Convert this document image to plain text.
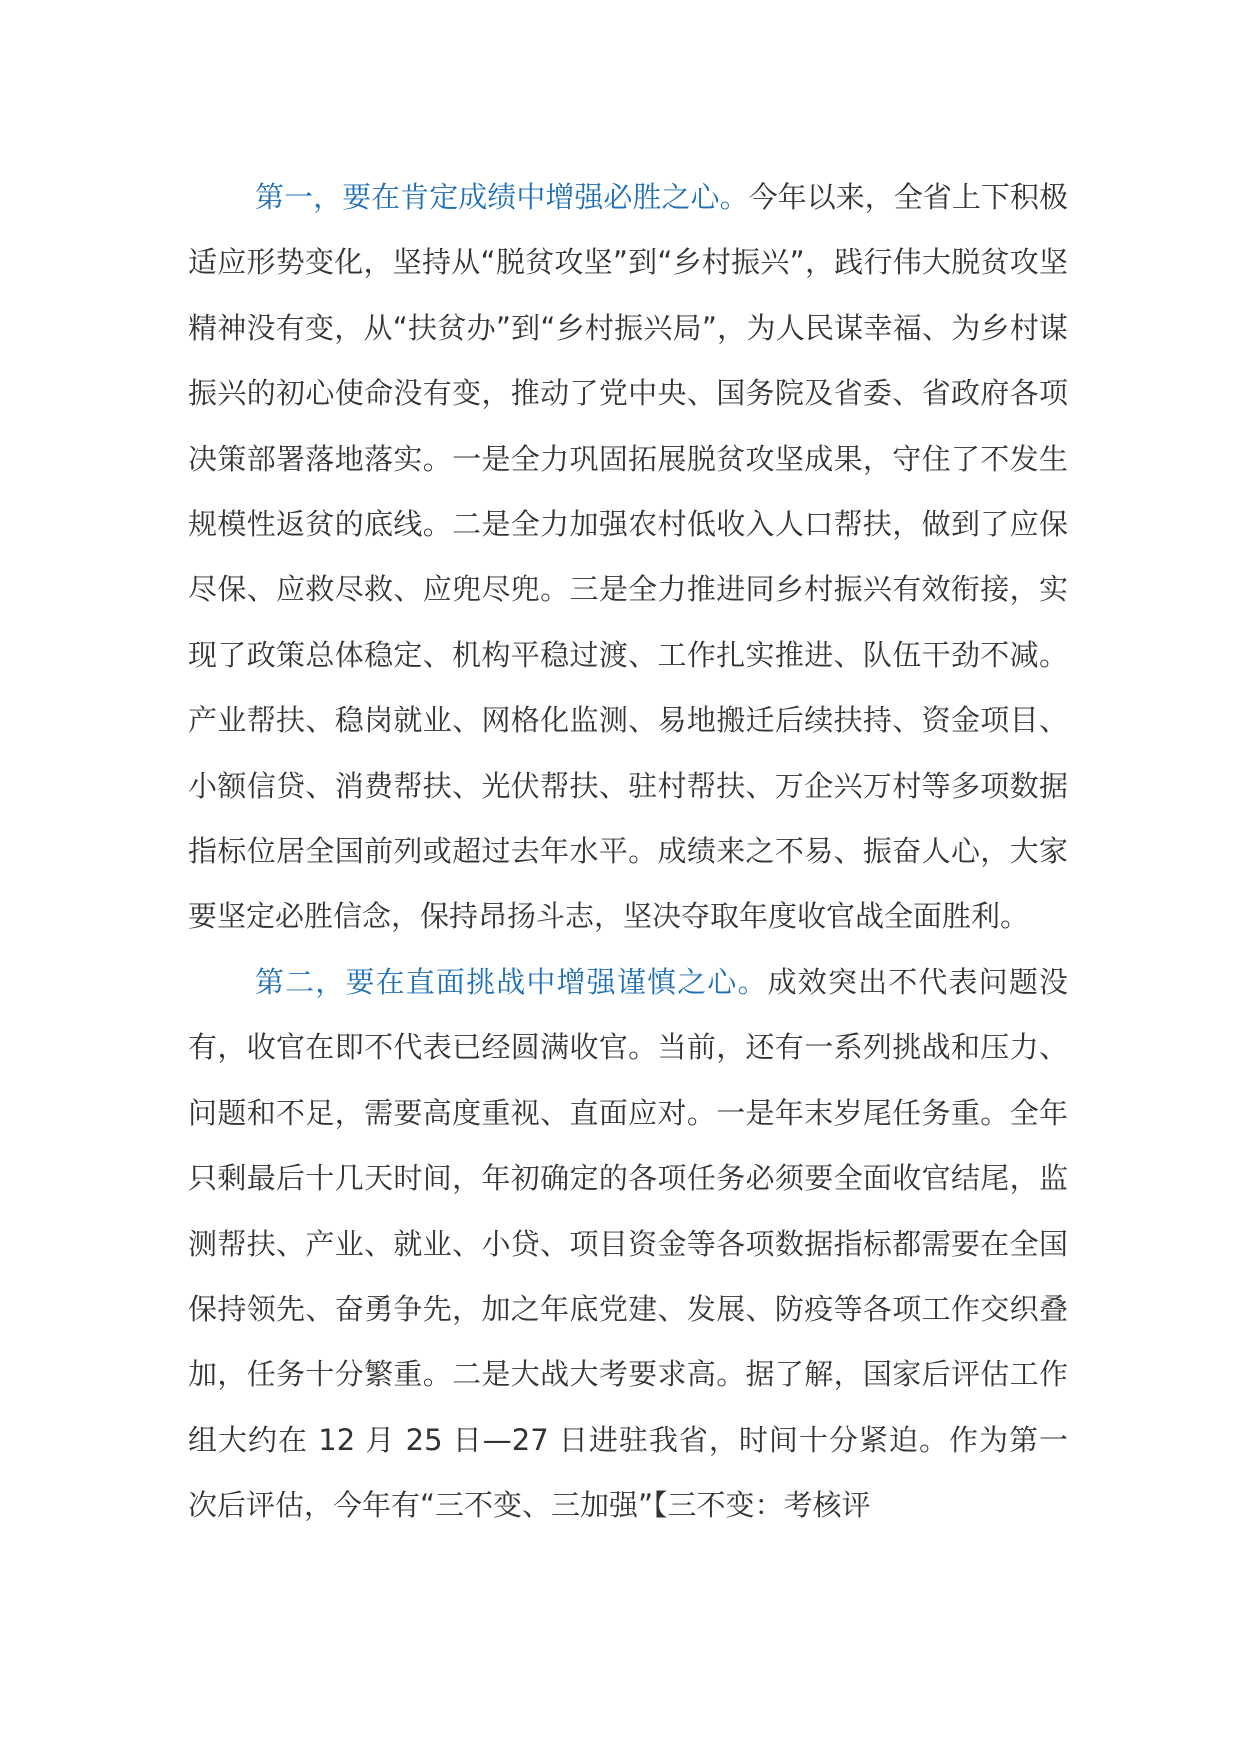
第一，要在肯定成绩中增强必胜之心。今年以来，全省上下积极适应形势变化，坚持从“脱贫攻坚”到“乡村振兴”，践行伟大脱贫攻坚精神没有变，从“扶贫办”到“乡村振兴局”，为人民谋幸福、为乡村谋振兴的初心使命没有变，推动了党中央、国务院及省委、省政府各项决策部署落地落实。一是全力巩固拓展脱贫攻坚成果，守住了不发生规模性返贫的底线。二是全力加强农村低收入人口帮扶，做到了应保尽保、应救尽救、应兜尽兜。三是全力推进同乡村振兴有效衔接，实现了政策总体稳定、机构平稳过渡、工作扎实推进、队伍干劲不减。产业帮扶、稳岗就业、网格化监测、易地搬迁后续扶持、资金项目、小额信贷、消费帮扶、光伏帮扶、驻村帮扶、万企兴万村等多项数据指标位居全国前列或超过去年水平。成绩来之不易、振奋人心，大家要坚定必胜信念，保持昂扬斗志，坚决夺取年度收官战全面胜利。

第二，要在直面挑战中增强谨慎之心。成效突出不代表问题没有，收官在即不代表已经圆满收官。当前，还有一系列挑战和压力、问题和不足，需要高度重视、直面应对。一是年末岁尾任务重。全年只剩最后十几天时间，年初确定的各项任务必须要全面收官结尾，监测帮扶、产业、就业、小贷、项目资金等各项数据指标都需要在全国保持领先、奋勇争先，加之年底党建、发展、防疫等各项工作交织叠加，任务十分繁重。二是大战大考要求高。据了解，国家后评估工作组大约在 12 月 25 日—27 日进驻我省，时间十分紧迫。作为第一次后评估，今年有“三不变、三加强”【三不变：考核评
